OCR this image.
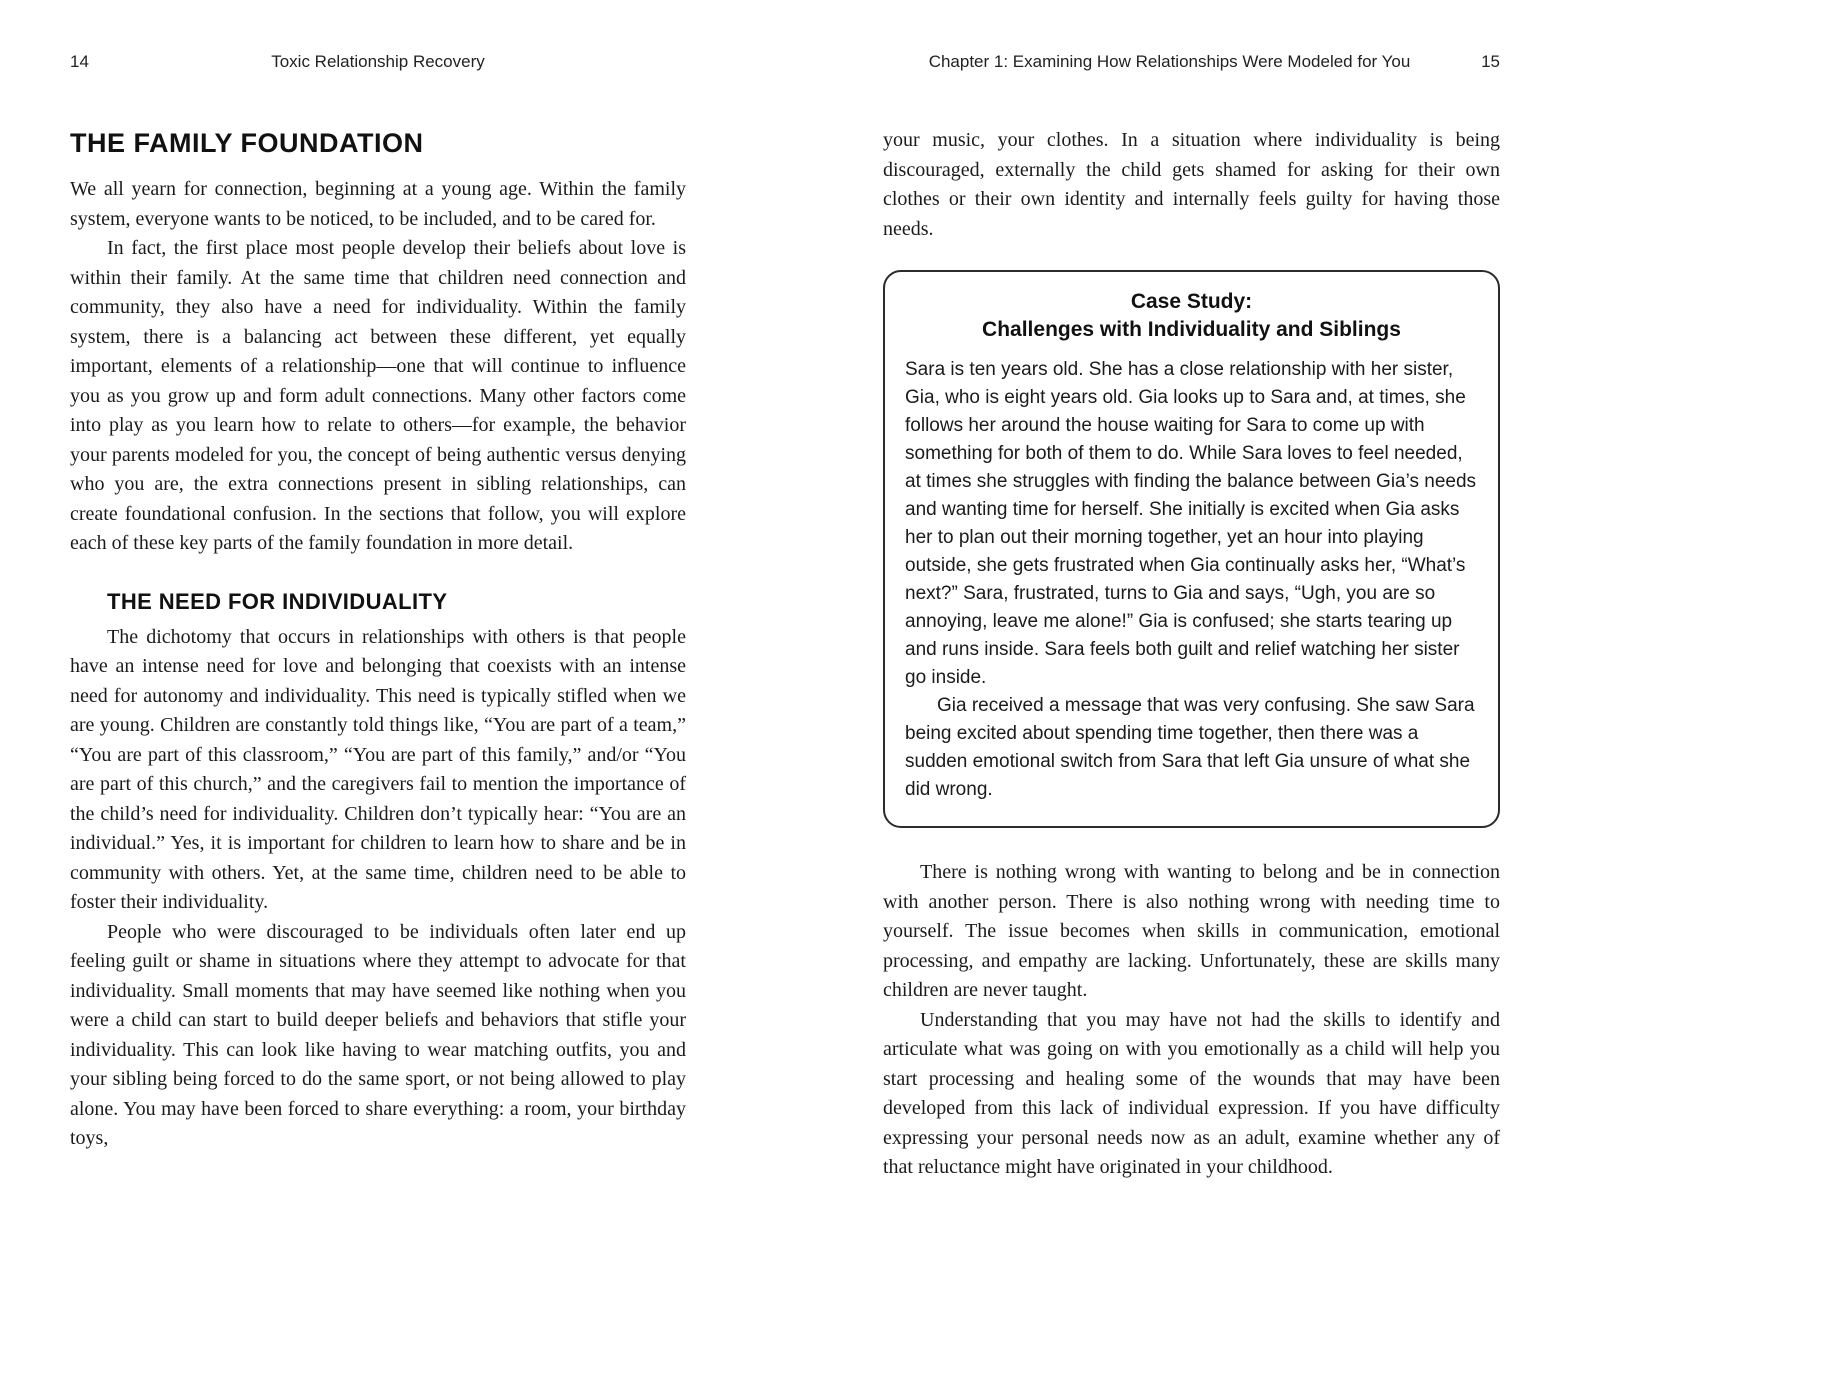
14	Toxic Relationship Recovery
THE FAMILY FOUNDATION

We all yearn for connection, beginning at a young age. Within the family system, everyone wants to be noticed, to be included, and to be cared for.

In fact, the first place most people develop their beliefs about love is within their family. At the same time that children need connection and community, they also have a need for individuality. Within the family system, there is a balancing act between these different, yet equally important, elements of a relationship—one that will continue to influence you as you grow up and form adult connections. Many other factors come into play as you learn how to relate to others—for example, the behavior your parents modeled for you, the concept of being authentic versus denying who you are, the extra connections present in sibling relationships, can create foundational confusion. In the sections that follow, you will explore each of these key parts of the family foundation in more detail.

THE NEED FOR INDIVIDUALITY

The dichotomy that occurs in relationships with others is that people have an intense need for love and belonging that coexists with an intense need for autonomy and individuality. This need is typically stifled when we are young. Children are constantly told things like, “You are part of a team,” “You are part of this classroom,” “You are part of this family,” and/or “You are part of this church,” and the caregivers fail to mention the importance of the child’s need for individuality. Children don’t typically hear: “You are an individual.” Yes, it is important for children to learn how to share and be in community with others. Yet, at the same time, children need to be able to foster their individuality.

People who were discouraged to be individuals often later end up feeling guilt or shame in situations where they attempt to advocate for that individuality. Small moments that may have seemed like nothing when you were a child can start to build deeper beliefs and behaviors that stifle your individuality. This can look like having to wear matching outfits, you and your sibling being forced to do the same sport, or not being allowed to play alone. You may have been forced to share everything: a room, your birthday toys,

Chapter 1: Examining How Relationships Were Modeled for You	15

your music, your clothes. In a situation where individuality is being discouraged, externally the child gets shamed for asking for their own clothes or their own identity and internally feels guilty for having those needs.

Case Study:
Challenges with Individuality and Siblings

Sara is ten years old. She has a close relationship with her sister, Gia, who is eight years old. Gia looks up to Sara and, at times, she follows her around the house waiting for Sara to come up with something for both of them to do. While Sara loves to feel needed, at times she struggles with finding the balance between Gia’s needs and wanting time for herself. She initially is excited when Gia asks her to plan out their morning together, yet an hour into playing outside, she gets frustrated when Gia continually asks her, “What’s next?” Sara, frustrated, turns to Gia and says, “Ugh, you are so annoying, leave me alone!” Gia is confused; she starts tearing up and runs inside. Sara feels both guilt and relief watching her sister go inside.

Gia received a message that was very confusing. She saw Sara being excited about spending time together, then there was a sudden emotional switch from Sara that left Gia unsure of what she did wrong.

There is nothing wrong with wanting to belong and be in connection with another person. There is also nothing wrong with needing time to yourself. The issue becomes when skills in communication, emotional processing, and empathy are lacking. Unfortunately, these are skills many children are never taught.

Understanding that you may have not had the skills to identify and articulate what was going on with you emotionally as a child will help you start processing and healing some of the wounds that may have been developed from this lack of individual expression. If you have difficulty expressing your personal needs now as an adult, examine whether any of that reluctance might have originated in your childhood.
